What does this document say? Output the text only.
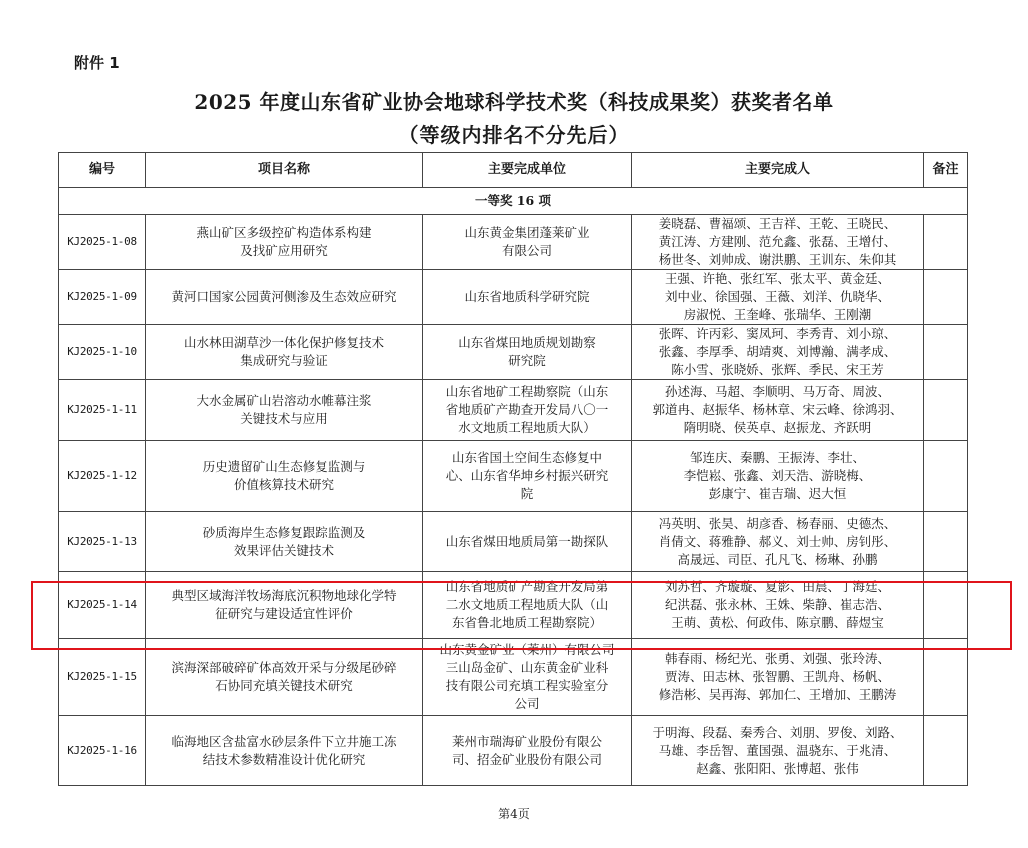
附件 1
2025 年度山东省矿业协会地球科学技术奖（科技成果奖）获奖者名单
（等级内排名不分先后）
编号	项目名称	主要完成单位	主要完成人	备注
一等奖 16 项				
KJ2025-1-08	燕山矿区多级控矿构造体系构建
及找矿应用研究	山东黄金集团蓬莱矿业
有限公司	姜晓磊、曹福颂、王吉祥、王乾、王晓民、
黄江涛、方建刚、范允鑫、张磊、王增付、
杨世冬、刘帅成、谢洪鹏、王训东、朱仰其	
KJ2025-1-09	黄河口国家公园黄河侧渗及生态效应研究	山东省地质科学研究院	王强、许艳、张红军、张太平、黄金廷、
刘中业、徐国强、王薇、刘洋、仇晓华、
房淑悦、王奎峰、张瑞华、王刚潮	
KJ2025-1-10	山水林田湖草沙一体化保护修复技术
集成研究与验证	山东省煤田地质规划勘察
研究院	张晖、许丙彩、窦凤珂、李秀青、刘小琼、
张鑫、李厚季、胡靖爽、刘博瀚、满孝成、
陈小雪、张晓娇、张辉、季民、宋王芳	
KJ2025-1-11	大水金属矿山岩溶动水帷幕注浆
关键技术与应用	山东省地矿工程勘察院（山东
省地质矿产勘查开发局八〇一
水文地质工程地质大队）	孙述海、马超、李顺明、马万奇、周波、
郭道冉、赵振华、杨林章、宋云峰、徐鸿羽、
隋明晓、侯英卓、赵振龙、齐跃明	
KJ2025-1-12	历史遗留矿山生态修复监测与
价值核算技术研究	山东省国土空间生态修复中
心、山东省华坤乡村振兴研究
院	邹连庆、秦鹏、王振涛、李壮、
李恺崧、张鑫、刘天浩、游晓梅、
彭康宁、崔吉瑞、迟大恒	
KJ2025-1-13	砂质海岸生态修复跟踪监测及
效果评估关键技术	山东省煤田地质局第一勘探队	冯英明、张昊、胡彦香、杨春丽、史德杰、
肖倩文、蒋雅静、郝义、刘士帅、房钊彤、
高晟远、司臣、孔凡飞、杨琳、孙鹏	
KJ2025-1-14	典型区域海洋牧场海底沉积物地球化学特
征研究与建设适宜性评价	山东省地质矿产勘查开发局第
二水文地质工程地质大队（山
东省鲁北地质工程勘察院）	刘苏哲、齐璇璇、夏影、田晨、丁海廷、
纪洪磊、张永林、王姝、柴静、崔志浩、
王萌、黄松、何政伟、陈京鹏、薛煜宝	
KJ2025-1-15	滨海深部破碎矿体高效开采与分级尾砂碎
石协同充填关键技术研究	山东黄金矿业（莱州）有限公司
三山岛金矿、山东黄金矿业科
技有限公司充填工程实验室分
公司	韩春雨、杨纪光、张勇、刘强、张玲涛、
贾涛、田志林、张智鹏、王凯舟、杨帆、
修浩彬、吴再海、郭加仁、王增加、王鹏涛	
KJ2025-1-16	临海地区含盐富水砂层条件下立井施工冻
结技术参数精准设计优化研究	莱州市瑞海矿业股份有限公
司、招金矿业股份有限公司	于明海、段磊、秦秀合、刘朋、罗俊、刘路、
马雄、李岳智、董国强、温骁东、于兆清、
赵鑫、张阳阳、张博超、张伟	
第4页
